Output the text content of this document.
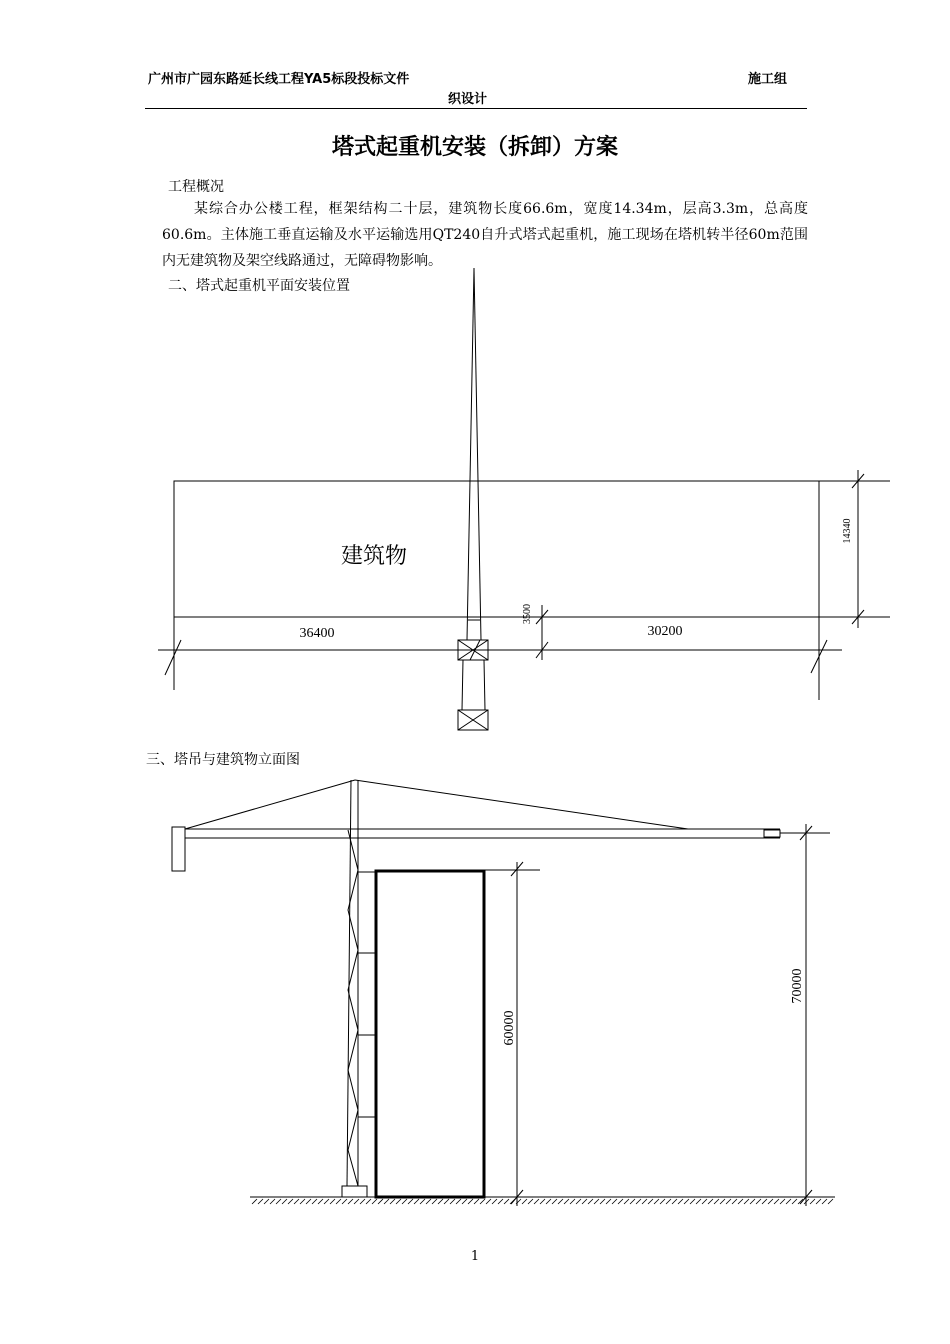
广州市广园东路延长线工程YA5标段投标文件	施工组
织设计
塔式起重机安装（拆卸）方案
工程概况
某综合办公楼工程，框架结构二十层，建筑物长度66.6m，宽度14.34m，层高3.3m，总高度60.6m。主体施工垂直运输及水平运输选用QT240自升式塔式起重机，施工现场在塔机转半径60m范围内无建筑物及架空线路通过，无障碍物影响。
二、塔式起重机平面安装位置
建筑物
36400	30200
3500
14340
三、塔吊与建筑物立面图
60000
70000
1
